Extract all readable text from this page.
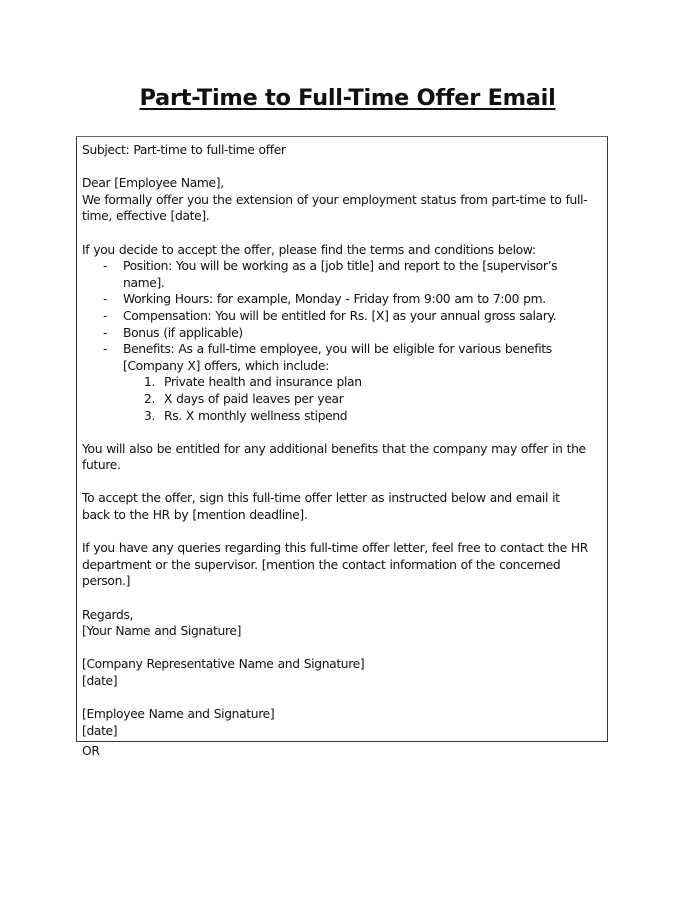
Part-Time to Full-Time Offer Email
Subject: Part-time to full-time offer
Dear [Employee Name],
We formally offer you the extension of your employment status from part-time to full-
time, effective [date].
If you decide to accept the offer, please find the terms and conditions below:
- Position: You will be working as a [job title] and report to the [supervisor’s
name].
- Working Hours: for example, Monday - Friday from 9:00 am to 7:00 pm.
- Compensation: You will be entitled for Rs. [X] as your annual gross salary.
- Bonus (if applicable)
- Benefits: As a full-time employee, you will be eligible for various benefits
[Company X] offers, which include:
1. Private health and insurance plan
2. X days of paid leaves per year
3. Rs. X monthly wellness stipend
You will also be entitled for any additional benefits that the company may offer in the
future.
To accept the offer, sign this full-time offer letter as instructed below and email it
back to the HR by [mention deadline].
If you have any queries regarding this full-time offer letter, feel free to contact the HR
department or the supervisor. [mention the contact information of the concerned
person.]
Regards,
[Your Name and Signature]
[Company Representative Name and Signature]
[date]
[Employee Name and Signature]
[date]
OR
